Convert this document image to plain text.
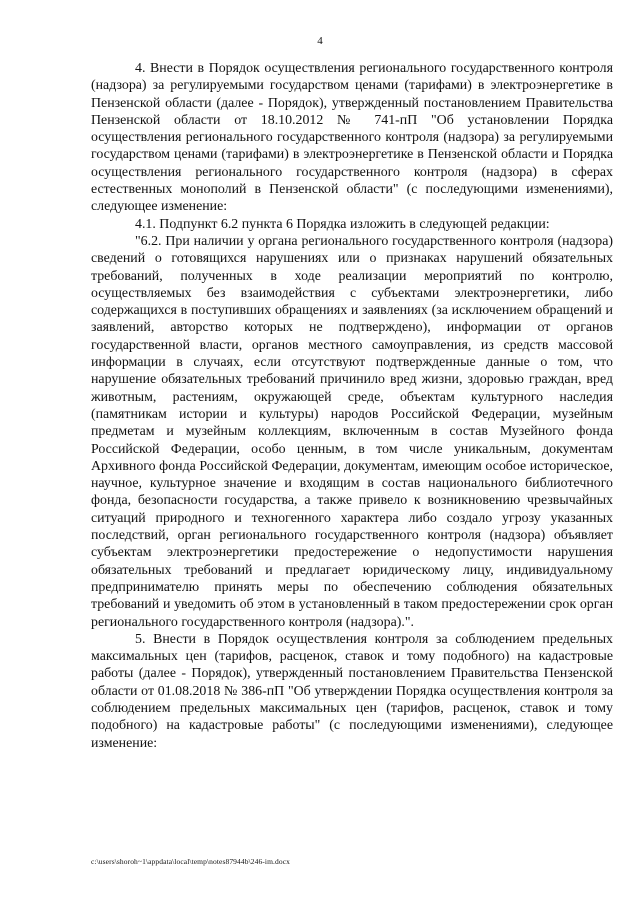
4

4. Внести в Порядок осуществления регионального государственного контроля (надзора) за регулируемыми государством ценами (тарифами) в электроэнергетике в Пензенской области (далее - Порядок), утвержденный постановлением Правительства Пензенской области от 18.10.2012 № 741-пП "Об установлении Порядка осуществления регионального государственного контроля (надзора) за регулируемыми государством ценами (тарифами) в электроэнергетике в Пензенской области и Порядка осуществления регионального государственного контроля (надзора) в сферах естественных монополий в Пензенской области" (с последующими изменениями), следующее изменение:

4.1. Подпункт 6.2 пункта 6 Порядка изложить в следующей редакции:

"6.2. При наличии у органа регионального государственного контроля (надзора) сведений о готовящихся нарушениях или о признаках нарушений обязательных требований, полученных в ходе реализации мероприятий по контролю, осуществляемых без взаимодействия с субъектами электроэнергетики, либо содержащихся в поступивших обращениях и заявлениях (за исключением обращений и заявлений, авторство которых не подтверждено), информации от органов государственной власти, органов местного самоуправления, из средств массовой информации в случаях, если отсутствуют подтвержденные данные о том, что нарушение обязательных требований причинило вред жизни, здоровью граждан, вред животным, растениям, окружающей среде, объектам культурного наследия (памятникам истории и культуры) народов Российской Федерации, музейным предметам и музейным коллекциям, включенным в состав Музейного фонда Российской Федерации, особо ценным, в том числе уникальным, документам Архивного фонда Российской Федерации, документам, имеющим особое историческое, научное, культурное значение и входящим в состав национального библиотечного фонда, безопасности государства, а также привело к возникновению чрезвычайных ситуаций природного и техногенного характера либо создало угрозу указанных последствий, орган регионального государственного контроля (надзора) объявляет субъектам электроэнергетики предостережение о недопустимости нарушения обязательных требований и предлагает юридическому лицу, индивидуальному предпринимателю принять меры по обеспечению соблюдения обязательных требований и уведомить об этом в установленный в таком предостережении срок орган регионального государственного контроля (надзора).".

5. Внести в Порядок осуществления контроля за соблюдением предельных максимальных цен (тарифов, расценок, ставок и тому подобного) на кадастровые работы (далее - Порядок), утвержденный постановлением Правительства Пензенской области от 01.08.2018 № 386-пП "Об утверждении Порядка осуществления контроля за соблюдением предельных максимальных цен (тарифов, расценок, ставок и тому подобного) на кадастровые работы" (с последующими изменениями), следующее изменение:

c:\users\shoroh~1\appdata\local\temp\notes87944b\246-im.docx
